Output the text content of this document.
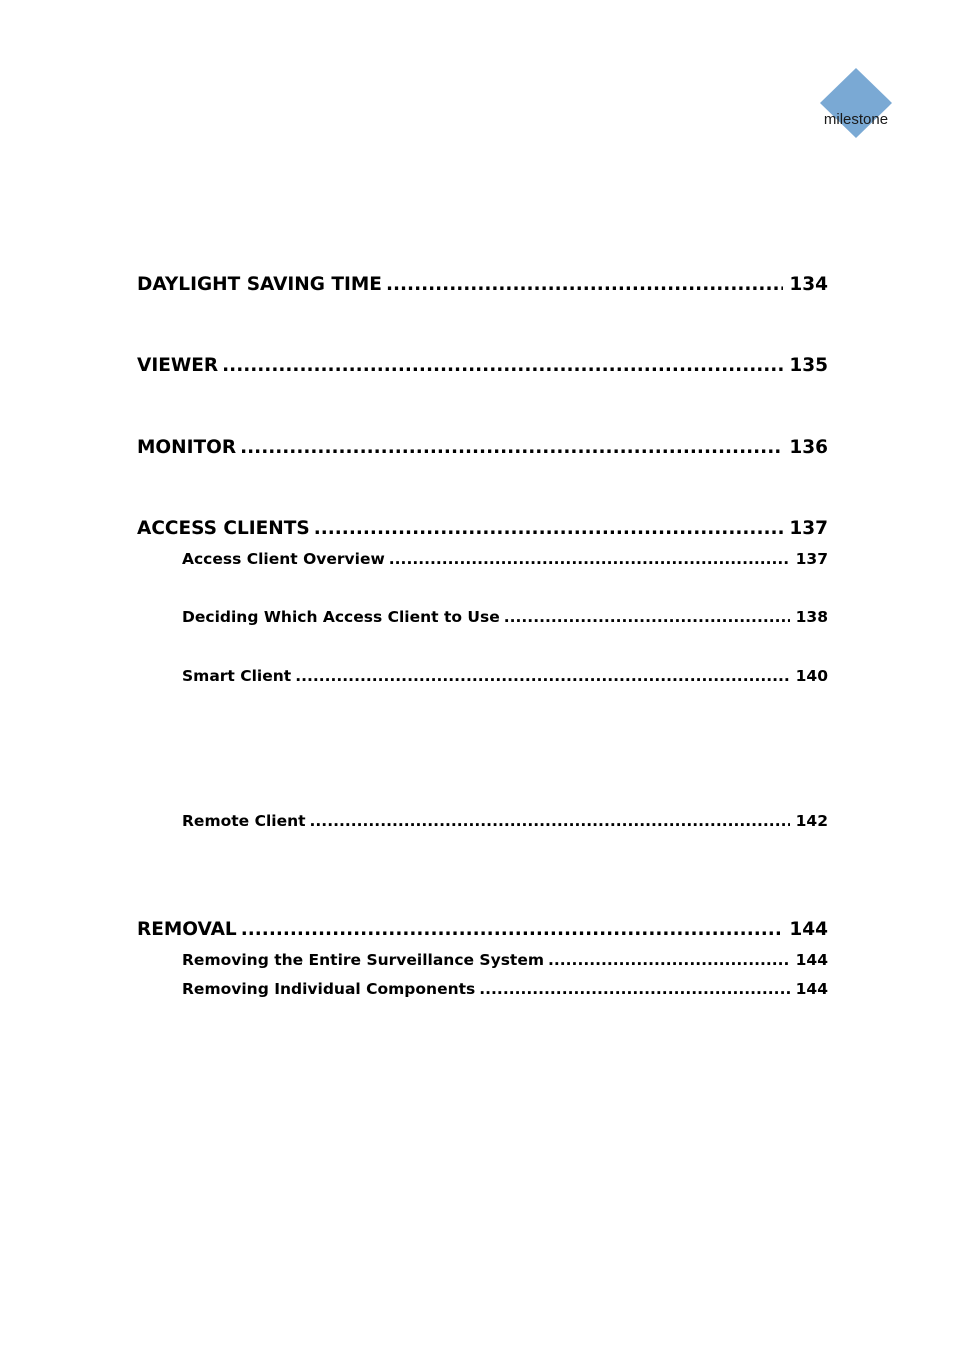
milestone
DAYLIGHT SAVING TIME .....	134
VIEWER .....	135
MONITOR .....	136
ACCESS CLIENTS .....	137
Access Client Overview .....	137
Deciding Which Access Client to Use .....	138
Smart Client .....	140
Remote Client .....	142
REMOVAL .....	144
Removing the Entire Surveillance System .....	144
Removing Individual Components .....	144
